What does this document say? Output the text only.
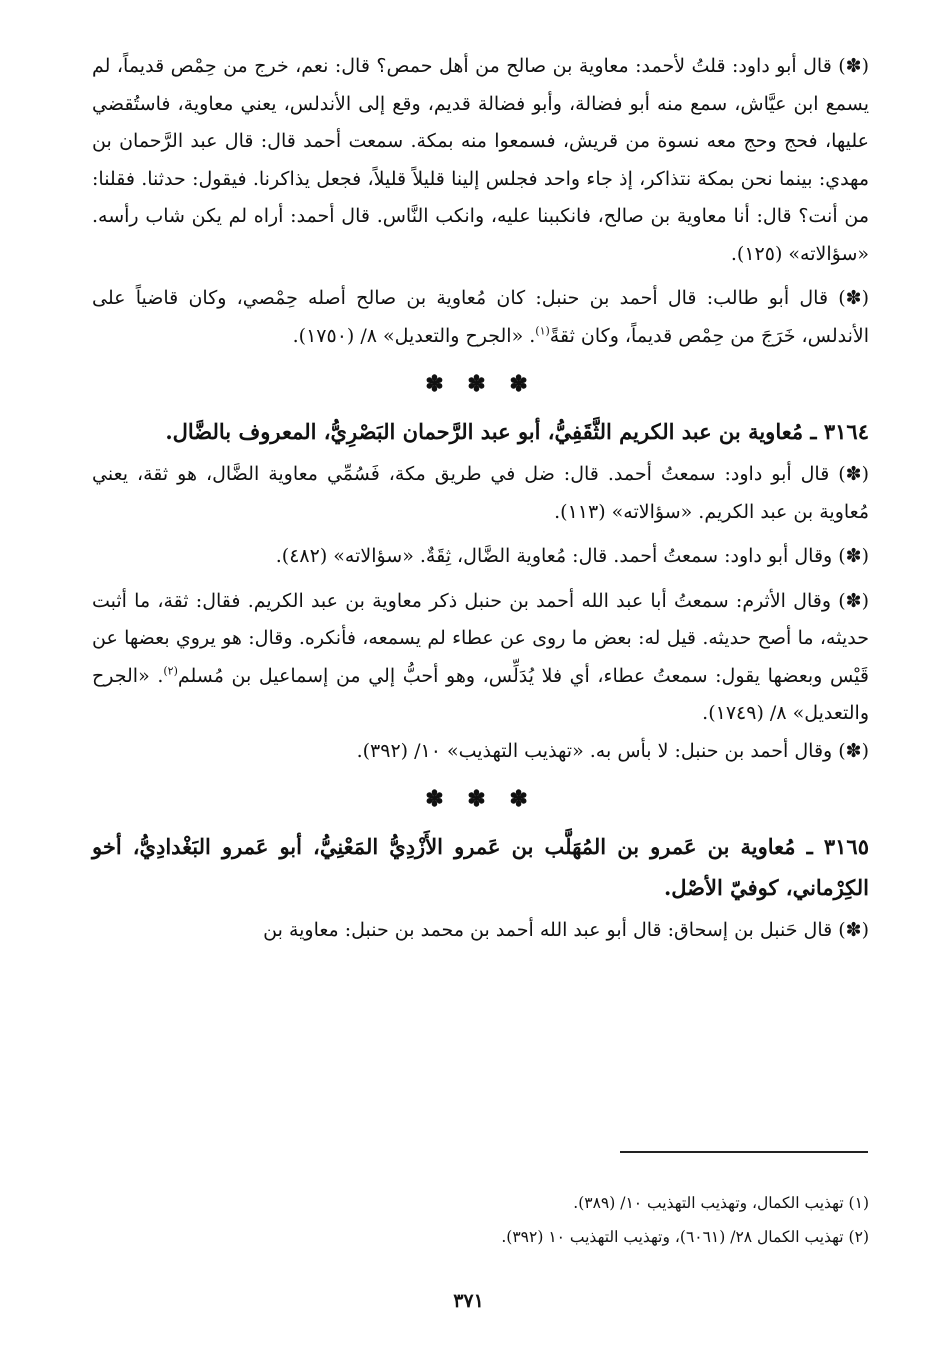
(✽) قال أبو داود: قلتُ لأحمد: معاوية بن صالح من أهل حمص؟ قال: نعم، خرج من حِمْص قديماً، لم يسمع ابن عيَّاش، سمع منه أبو فضالة، وأبو فضالة قديم، وقع إلى الأندلس، يعني معاوية، فاستُقضي عليها، فحج وحج معه نسوة من قريش، فسمعوا منه بمكة. سمعت أحمد قال: قال عبد الرَّحمان بن مهدي: بينما نحن بمكة نتذاكر، إذ جاء واحد فجلس إلينا قليلاً قليلاً، فجعل يذاكرنا. فيقول: حدثنا. فقلنا: من أنت؟ قال: أنا معاوية بن صالح، فانكببنا عليه، وانكب النَّاس. قال أحمد: أراه لم يكن شاب رأسه. «سؤالاته» (١٢٥).

(✽) قال أبو طالب: قال أحمد بن حنبل: كان مُعاوية بن صالح أصله حِمْصي، وكان قاضياً على الأندلس، خَرَجَ من حِمْص قديماً، وكان ثقةً$^{(١)}$. «الجرح والتعديل» ٨/ (١٧٥٠).

✽ ✽ ✽
٣١٦٤ ـ مُعاوية بن عبد الكريم الثَّقَفِيُّ، أبو عبد الرَّحمان البَصْرِيُّ، المعروف بالضَّال.

(✽) قال أبو داود: سمعتُ أحمد. قال: ضل في طريق مكة، فَسُمِّي معاوية الضَّال، هو ثقة، يعني مُعاوية بن عبد الكريم. «سؤالاته» (١١٣).

(✽) وقال أبو داود: سمعتُ أحمد. قال: مُعاوية الضَّال، ثِقَةٌ. «سؤالاته» (٤٨٢).

(✽) وقال الأثرم: سمعتُ أبا عبد الله أحمد بن حنبل ذكر معاوية بن عبد الكريم. فقال: ثقة، ما أثبت حديثه، ما أصح حديثه. قيل له: بعض ما روى عن عطاء لم يسمعه، فأنكره. وقال: هو يروي بعضها عن قَيْس وبعضها يقول: سمعتُ عطاء، أي فلا يُدَلِّس، وهو أحبُّ إلي من إسماعيل بن مُسلم$^{(٢)}$. «الجرح والتعديل» ٨/ (١٧٤٩).

(✽) وقال أحمد بن حنبل: لا بأس به. «تهذيب التهذيب» ١٠/ (٣٩٢).

✽ ✽ ✽
٣١٦٥ ـ مُعاوية بن عَمرو بن المُهَلَّب بن عَمرو الأَزْدِيُّ المَعْنِيُّ، أبو عَمرو البَغْدادِيُّ، أخو الكِرْماني، كوفيّ الأصْل.

(✽) قال حَنبل بن إسحاق: قال أبو عبد الله أحمد بن محمد بن حنبل: معاوية بن

(١) تهذيب الكمال، وتهذيب التهذيب ١٠/ (٣٨٩).

(٢) تهذيب الكمال ٢٨/ (٦٠٦١)، وتهذيب التهذيب ١٠ (٣٩٢).

٣٧١
